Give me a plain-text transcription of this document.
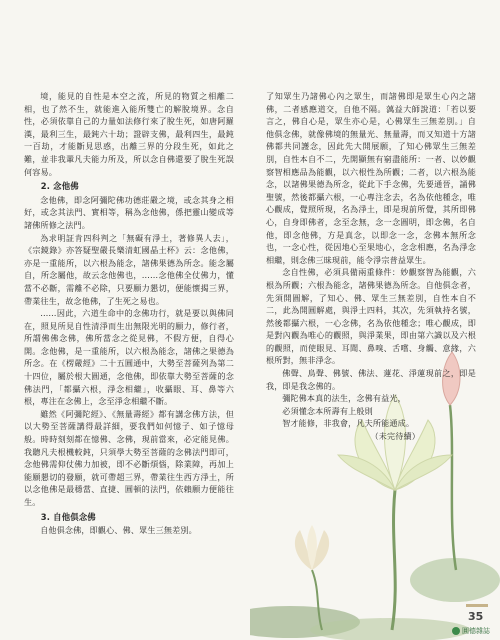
境，能見的自性是本空之流，所見的物質之相離二相，也了然不生，就能進入能所雙亡的解脫境界。念自性，必須依靠自己的力量如法修行來了脫生死，如唐阿羅漢，最利三生，最鈍六十劫；證辟支佛，最利四生，最鈍一百劫，才能斷見思惑，出離三界的分段生死，如此之難，並非我輩凡夫能力所及，所以念自佛還要了脫生死誤何容易。

2. 念他佛

念他佛，即念阿彌陀佛功德莊嚴之境，或念其身之相好，或念其法門、實相等，稱為念他佛，係把靈山變成等諸佛所修之法門。

為求明証肯四科判之「無礙有淨土，著修異人去」，《宗鏡錄》亦答疑聖嚴長樂清虹國晶土杯》云：念他佛，亦是一重能所，以六根為能念，諸佛果德為所念。能念屬自，所念屬他，故云念他佛也，……念他佛全仗佛力，懂當不必斷，需離不必除，只要願力懇切，便能懷揭三界，帶業往生，故念他佛，了生死之易也。

……因此，六道生命中的念佛功行，就是要以與佛同在，照見所見自性清淨而生出無限光明的願力，修行者，所謂佛佛念佛，佛所當念之從見佛，不假方便，自得心開。念他佛，是一重能所，以六根為能念，諸佛之果德為所念。在《楞嚴經》二十五圓通中，大勢至菩薩列為第二十四位，屬於根大圓通，念他佛，即依靠大勢至菩薩的念佛法門，「都攝六根，淨念相繼」，收攝眼、耳、鼻等六根，專注在念佛上，念至淨念相繼不斷。

雖然《阿彌陀經》、《無量壽經》都有講念佛方法，但以大勢至菩薩講得最詳細，要我們如何憶子、如子憶母般。時時刻刻都在憶佛、念佛，現前當來，必定能見佛。我聽凡夫根機較鈍，只須學大勢至菩薩的念佛法門即可，念他佛需仰仗佛力加被，即不必斷煩惱，除業障，再加上能願懇切的發願，就可帶超三界，帶業往生西方淨土，所以念他佛是最穩當、直捷、圓頓的法門，依賴願力便能往生。

3. 自他俱念佛

自他俱念佛，即觀心、佛、眾生三無差別。

了知眾生乃諸佛心內之眾生，而諸佛即是眾生心內之諸佛，二者感應道交，自他不隔。蕅益大師說道：「若以要言之，佛自心是，眾生亦心是，心佛眾生三無差別。」自他俱念佛，就像佛境的無量光、無量壽，而又知道十方諸佛都共同護念，因此先大開展願，了知心佛眾生三無差別，自性本自不二，先開顯無有窮盡能所：一者、以妙觀察智相應品為能觀，以六根性為所觀；二者，以六根為能念，以諸佛果德為所念，從此下手念佛，先要通晉，誦佛聖號，然後都攝六根，一心專注念去，名為依他種念，唯心觀成，覺照所現，名為淨土，即是現前所覺，其所即佛心，自身即佛者，念至念無，念一念圓明，即念佛，名自他，即念他佛，方是真念，以即念一念，念佛本無所念也，一念心性，從因地心至果地心，念念相應，名為淨念相繼，則念佛三昧現前，能令淨宗普益眾生。

念自性佛，必須具備兩重條件：妙觀察智為能觀，六根為所觀；六根為能念，諸佛果德為所念。自他俱念者，先須開圓解，了知心、佛、眾生三無差別，自性本自不二，此為開圓解處，與淨土四料，其次，先須執持名號，然後都攝六根，一心念佛，名為依他種念；唯心觀成，即是對內觀為唯心的觀照，與淨業果，即由第六識以及六根的觀照，而使眼見、耳聞、鼻嗅、舌嚐、身觸、意緣，六根所對，無非淨念。

佛聲、鳥聲、佛號、佛法、蓮花、淨蓮現前之，即是我，即是我念佛的。

彌陀佛本真的法生，念佛有益光，

必須懂念本所壽有上般則

智才能修，非我會，凡夫所能通成。

（未完待續）

35
圓德雜誌
